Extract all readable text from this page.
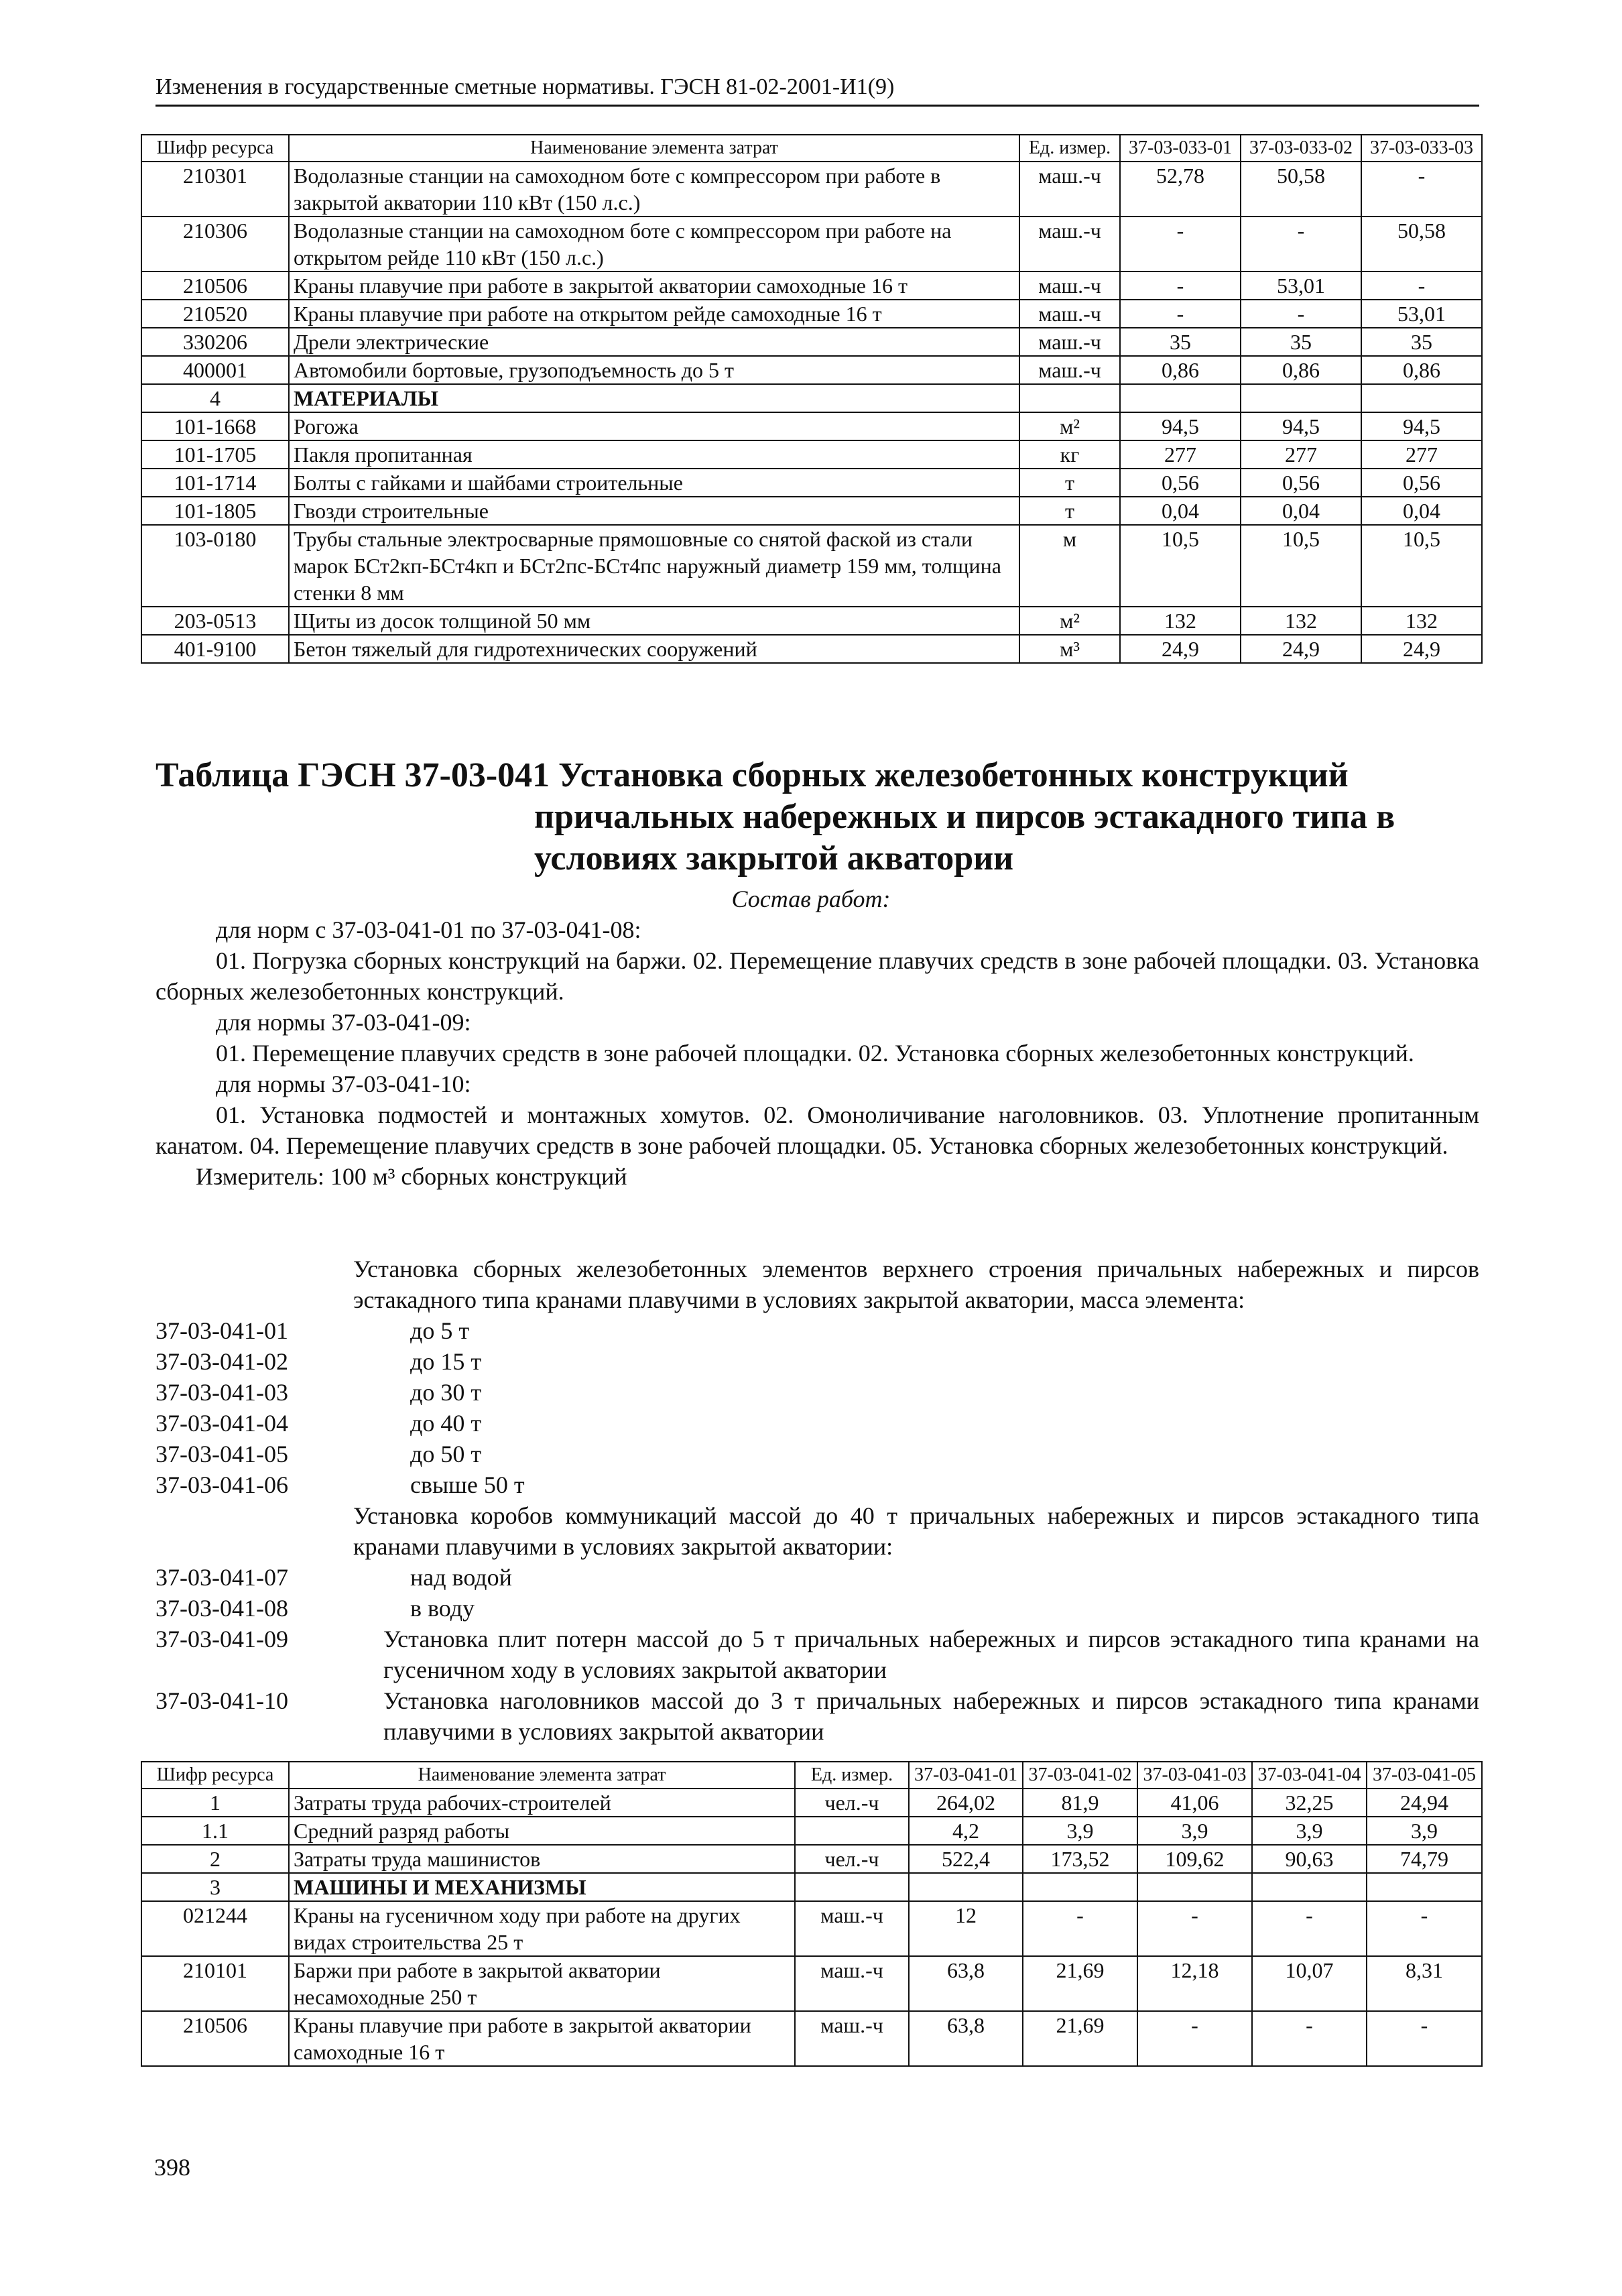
Изменения в государственные сметные нормативы. ГЭСН 81-02-2001-И1(9)
Шифр ресурса	Наименование элемента затрат	Ед. измер.	37-03-033-01	37-03-033-02	37-03-033-03
210301	Водолазные станции на самоходном боте с компрессором при работе в закрытой акватории 110 кВт (150 л.с.)	маш.-ч	52,78	50,58	-
210306	Водолазные станции на самоходном боте с компрессором при работе на открытом рейде 110 кВт (150 л.с.)	маш.-ч	-	-	50,58
210506	Краны плавучие при работе в закрытой акватории самоходные 16 т	маш.-ч	-	53,01	-
210520	Краны плавучие при работе на открытом рейде самоходные 16 т	маш.-ч	-	-	53,01
330206	Дрели электрические	маш.-ч	35	35	35
400001	Автомобили бортовые, грузоподъемность до 5 т	маш.-ч	0,86	0,86	0,86
4	МАТЕРИАЛЫ				
101-1668	Рогожа	м²	94,5	94,5	94,5
101-1705	Пакля пропитанная	кг	277	277	277
101-1714	Болты с гайками и шайбами строительные	т	0,56	0,56	0,56
101-1805	Гвозди строительные	т	0,04	0,04	0,04
103-0180	Трубы стальные электросварные прямошовные со снятой фаской из стали марок БСт2кп-БСт4кп и БСт2пс-БСт4пс наружный диаметр 159 мм, толщина стенки 8 мм	м	10,5	10,5	10,5
203-0513	Щиты из досок толщиной 50 мм	м²	132	132	132
401-9100	Бетон тяжелый для гидротехнических сооружений	м³	24,9	24,9	24,9
Таблица ГЭСН 37-03-041 Установка сборных железобетонных конструкций
причальных набережных и пирсов эстакадного типа в
условиях закрытой акватории
Состав работ:

для норм с 37-03-041-01 по 37-03-041-08:

01. Погрузка сборных конструкций на баржи. 02. Перемещение плавучих средств в зоне рабочей площадки. 03. Установка сборных железобетонных конструкций.

для нормы 37-03-041-09:

01. Перемещение плавучих средств в зоне рабочей площадки. 02. Установка сборных железобетонных конструкций.

для нормы 37-03-041-10:

01. Установка подмостей и монтажных хомутов. 02. Омоноличивание наголовников. 03. Уплотнение пропитанным канатом. 04. Перемещение плавучих средств в зоне рабочей площадки. 05. Установка сборных железобетонных конструкций.

Измеритель: 100 м³ сборных конструкций

Установка сборных железобетонных элементов верхнего строения причальных набережных и пирсов эстакадного типа кранами плавучими в условиях закрытой акватории, масса элемента:

37-03-041-01	до 5 т
37-03-041-02	до 15 т
37-03-041-03	до 30 т
37-03-041-04	до 40 т
37-03-041-05	до 50 т
37-03-041-06	свыше 50 т

Установка коробов коммуникаций массой до 40 т причальных набережных и пирсов эстакадного типа кранами плавучими в условиях закрытой акватории:

37-03-041-07	над водой
37-03-041-08	в воду
37-03-041-09	Установка плит потерн массой до 5 т причальных набережных и пирсов эстакадного типа кранами на гусеничном ходу в условиях закрытой акватории

37-03-041-10	Установка наголовников массой до 3 т причальных набережных и пирсов эстакадного типа кранами плавучими в условиях закрытой акватории

Шифр ресурса	Наименование элемента затрат	Ед. измер.	37-03-041-01	37-03-041-02	37-03-041-03	37-03-041-04	37-03-041-05
1	Затраты труда рабочих-строителей	чел.-ч	264,02	81,9	41,06	32,25	24,94
1.1	Средний разряд работы		4,2	3,9	3,9	3,9	3,9
2	Затраты труда машинистов	чел.-ч	522,4	173,52	109,62	90,63	74,79
3	МАШИНЫ И МЕХАНИЗМЫ						
021244	Краны на гусеничном ходу при работе на других видах строительства 25 т	маш.-ч	12	-	-	-	-
210101	Баржи при работе в закрытой акватории несамоходные 250 т	маш.-ч	63,8	21,69	12,18	10,07	8,31
210506	Краны плавучие при работе в закрытой акватории самоходные 16 т	маш.-ч	63,8	21,69	-	-	-
398
